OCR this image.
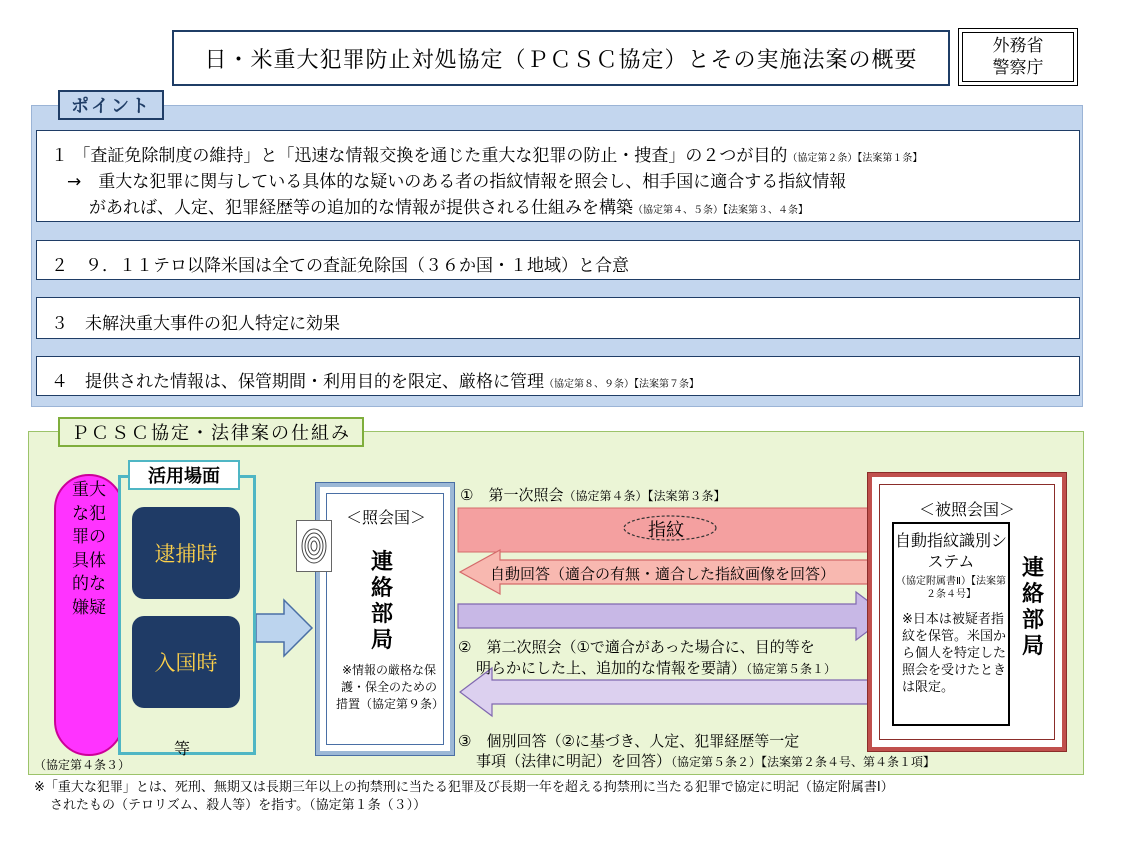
日・米重大犯罪防止対処協定（ＰＣＳＣ協定）とその実施法案の概要
外務省
警察庁
ポイント
１ 「査証免除制度の維持」と「迅速な情報交換を通じた重大な犯罪の防止・捜査」の２つが目的（協定第２条）【法案第１条】
→　重大な犯罪に関与している具体的な疑いのある者の指紋情報を照会し、相手国に適合する指紋情報
があれば、人定、犯罪経歴等の追加的な情報が提供される仕組みを構築（協定第４、５条）【法案第３、４条】
２　９．１１テロ以降米国は全ての査証免除国（３６か国・１地域）と合意
３　未解決重大事件の犯人特定に効果
４　提供された情報は、保管期間・利用目的を限定、厳格に管理（協定第８、９条）【法案第７条】
ＰＣＳＣ協定・法律案の仕組み
重大な犯罪の具体的な嫌疑
（協定第４条３）
活用場面
逮捕時
入国時
等
＜照会国＞
連絡部局
※情報の厳格な保護・保全のための措置（協定第９条）
＜被照会国＞
自動指紋識別システム
（協定附属書Ⅱ）【法案第２条４号】
※日本は被疑者指紋を保管。米国から個人を特定した照会を受けたときは限定。
連絡部局
①　第一次照会（協定第４条）【法案第３条】
指紋
自動回答（適合の有無・適合した指紋画像を回答）
②　第二次照会（①で適合があった場合に、目的等を
明らかにした上、追加的な情報を要請）（協定第５条１）
③　個別回答（②に基づき、人定、犯罪経歴等一定
事項（法律に明記）を回答）（協定第５条２）【法案第２条４号、第４条１項】
※「重大な犯罪」とは、死刑、無期又は長期三年以上の拘禁刑に当たる犯罪及び長期一年を超える拘禁刑に当たる犯罪で協定に明記（協定附属書Ⅰ）
されたもの（テロリズム、殺人等）を指す。（協定第１条（３））
